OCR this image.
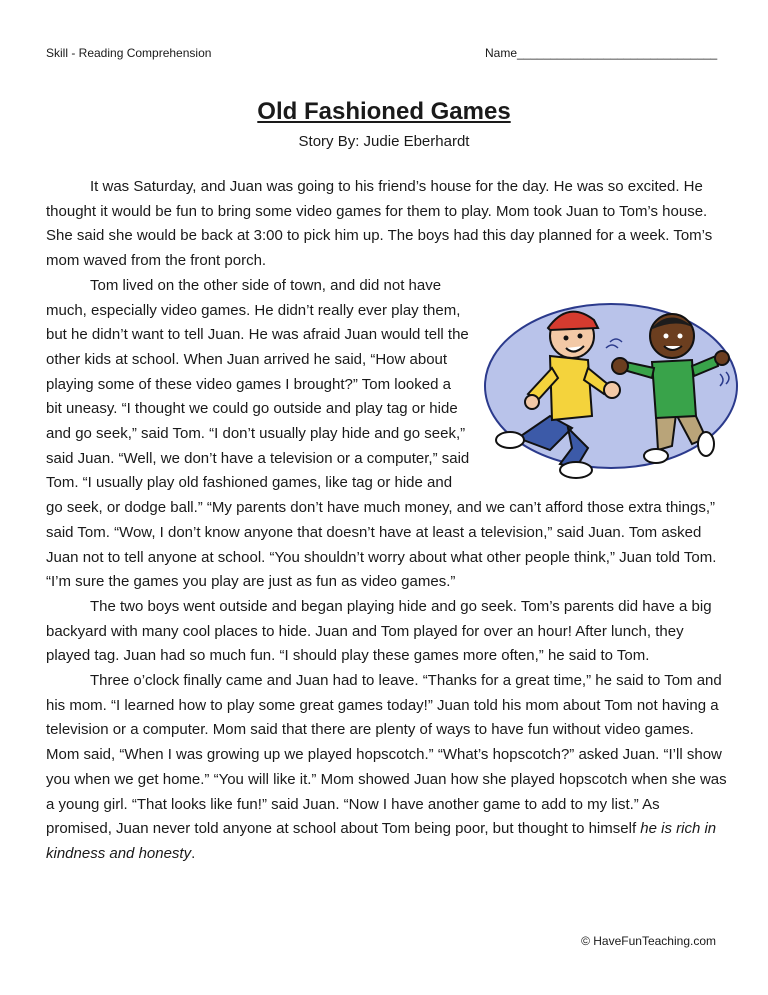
Skill - Reading Comprehension	Name______________________________
Old Fashioned Games
Story By: Judie Eberhardt

It was Saturday, and Juan was going to his friend’s house for the day. He was so excited. He thought it would be fun to bring some video games for them to play. Mom took Juan to Tom’s house. She said she would be back at 3:00 to pick him up. The boys had this day planned for a week. Tom’s mom waved from the front porch.

Tom lived on the other side of town, and did not have much, especially video games. He didn’t really ever play them, but he didn’t want to tell Juan. He was afraid Juan would tell the other kids at school. When Juan arrived he said, “How about playing some of these video games I brought?” Tom looked a bit uneasy. “I thought we could go outside and play tag or hide and go seek,” said Tom. “I don’t usually play hide and go seek,” said Juan. “Well, we don’t have a television or a computer,” said Tom. “I usually play old fashioned games, like tag or hide and go seek, or dodge ball.” “My parents don’t have much money, and we can’t afford those extra things,” said Tom. “Wow, I don’t know anyone that doesn’t have at least a television,” said Juan. Tom asked Juan not to tell anyone at school. “You shouldn’t worry about what other people think,” Juan told Tom. “I’m sure the games you play are just as fun as video games.”

The two boys went outside and began playing hide and go seek. Tom’s parents did have a big backyard with many cool places to hide. Juan and Tom played for over an hour! After lunch, they played tag. Juan had so much fun. “I should play these games more often,” he said to Tom.

Three o’clock finally came and Juan had to leave. “Thanks for a great time,” he said to Tom and his mom. “I learned how to play some great games today!” Juan told his mom about Tom not having a television or a computer. Mom said that there are plenty of ways to have fun without video games. Mom said, “When I was growing up we played hopscotch.” “What’s hopscotch?” asked Juan. “I’ll show you when we get home.” “You will like it.” Mom showed Juan how she played hopscotch when she was a young girl. “That looks like fun!” said Juan. “Now I have another game to add to my list.” As promised, Juan never told anyone at school about Tom being poor, but thought to himself he is rich in kindness and honesty.

© HaveFunTeaching.com
